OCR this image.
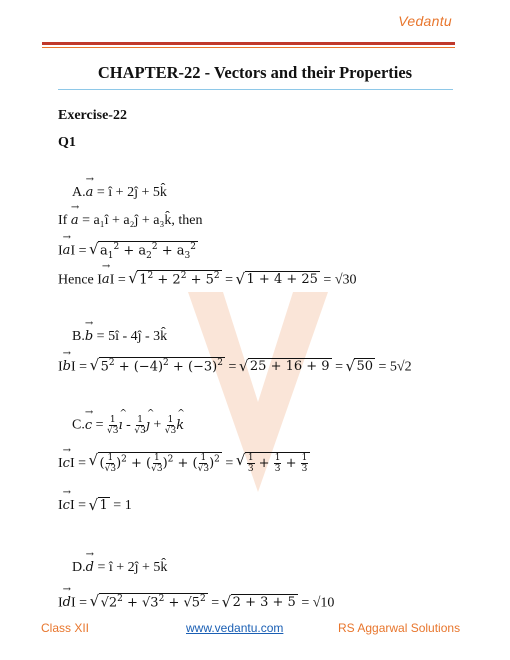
Vedantu
CHAPTER-22 - Vectors and their Properties
Exercise-22
Q1
A.→ a = î + 2ĵ + 5k̂
If → a = a₁î + a₂ĵ + a₃k̂, then
I→ aI = √ $a_1^2 + a_2^2 + a_3^2$
Hence I→ aI = √ $1^2 + 2^2 + 5^2$ = √ 1 + 4 + 25 = √30
B.→ b = 5î - 4ĵ - 3k̂
I→ bI = √ $5^2 + (-4)^2 + (-3)^2$ = √ 25 + 16 + 9 = √ 50 = 5√2
$C.\to c = \frac{1}{√3}$ ^ ı - $\frac{1}{√3}$ ^ ȷ + $\frac{1}{√3}$ ^ k
I→ cI = √ ( $\frac{1}{√3} )^2$ + ( $\frac{1}{√3} )^2$ + ( $\frac{1}{√3} )^2$ = √ $\frac{1}{3} + \frac{1}{3} + \frac{1}{3}$
I→ cI = √ 1 = 1
D.→ d = î + 2ĵ + 5k̂
I→ dI = √ $√2^2 + √3^2 + √5^2$ = √ 2 + 3 + 5 = √10
Class XII	www.vedantu.com	RS Aggarwal Solutions
